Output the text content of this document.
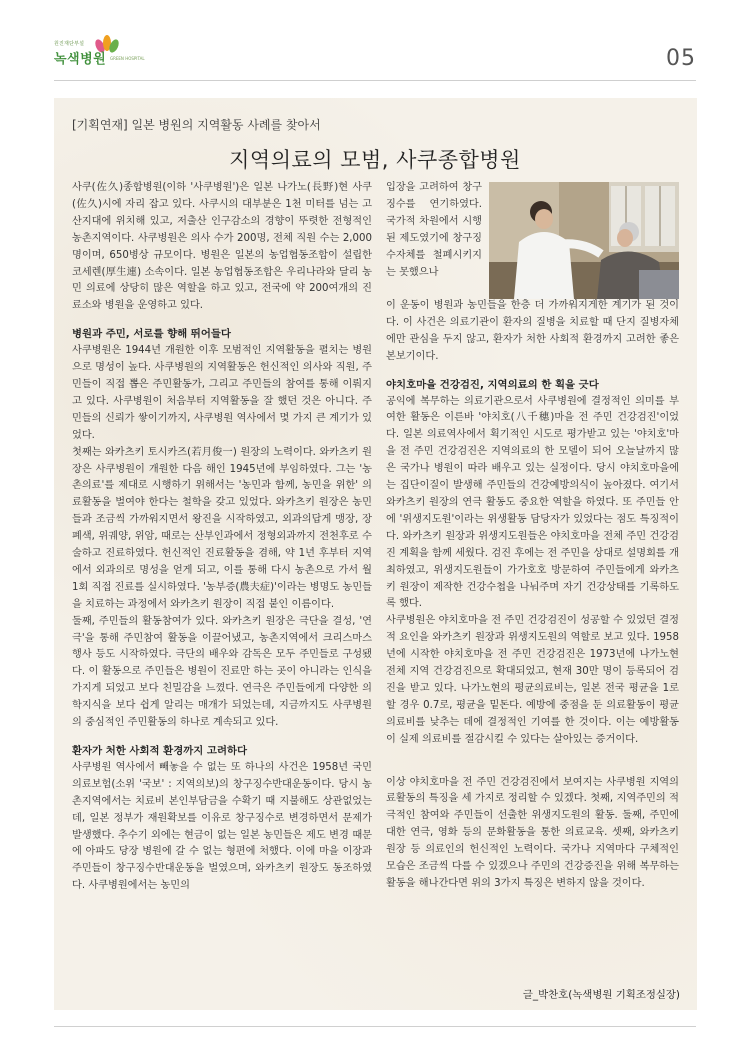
원진재단부설
녹색병원 GREEN HOSPITAL	05
[기획연재] 일본 병원의 지역활동 사례를 찾아서
지역의료의 모범, 사쿠종합병원

사쿠(佐久)종합병원(이하 '사쿠병원')은 일본 나가노(長野)현 사쿠(佐久)시에 자리 잡고 있다. 사쿠시의 대부분은 1천 미터를 넘는 고산지대에 위치해 있고, 저출산 인구감소의 경향이 뚜렷한 전형적인 농촌지역이다. 사쿠병원은 의사 수가 200명, 전체 직원 수는 2,000명이며, 650병상 규모이다. 병원은 일본의 농업협동조합이 설립한 코세렌(厚生連) 소속이다. 일본 농업협동조합은 우리나라와 달리 농민 의료에 상당히 많은 역할을 하고 있고, 전국에 약 200여개의 진료소와 병원을 운영하고 있다.

병원과 주민, 서로를 향해 뛰어들다

사쿠병원은 1944년 개원한 이후 모범적인 지역활동을 펼치는 병원으로 명성이 높다. 사쿠병원의 지역활동은 헌신적인 의사와 직원, 주민들이 직접 뽑은 주민활동가, 그리고 주민들의 참여를 통해 이뤄지고 있다. 사쿠병원이 처음부터 지역활동을 잘 했던 것은 아니다. 주민들의 신뢰가 쌓이기까지, 사쿠병원 역사에서 몇 가지 큰 계기가 있었다.

첫째는 와카츠키 토시카즈(若月俊一) 원장의 노력이다. 와카츠키 원장은 사쿠병원이 개원한 다음 해인 1945년에 부임하였다. 그는 '농촌의료'를 제대로 시행하기 위해서는 '농민과 함께, 농민을 위한' 의료활동을 벌여야 한다는 철학을 갖고 있었다. 와카츠키 원장은 농민들과 조금씩 가까워지면서 왕진을 시작하였고, 외과의답게 맹장, 장폐색, 위궤양, 위암, 때로는 산부인과에서 정형외과까지 전천후로 수술하고 진료하였다. 헌신적인 진료활동을 겸해, 약 1년 후부터 지역에서 외과의로 명성을 얻게 되고, 이를 통해 다시 농촌으로 가서 월 1회 직접 진료를 실시하였다. '농부증(農夫症)'이라는 병명도 농민들을 치료하는 과정에서 와카츠키 원장이 직접 붙인 이름이다.

둘째, 주민들의 활동참여가 있다. 와카츠키 원장은 극단을 결성, '연극'을 통해 주민참여 활동을 이끌어냈고, 농촌지역에서 크리스마스 행사 등도 시작하였다. 극단의 배우와 감독은 모두 주민들로 구성됐다. 이 활동으로 주민들은 병원이 진료만 하는 곳이 아니라는 인식을 가지게 되었고 보다 친밀감을 느꼈다. 연극은 주민들에게 다양한 의학지식을 보다 쉽게 알리는 매개가 되었는데, 지금까지도 사쿠병원의 중심적인 주민활동의 하나로 계속되고 있다.

환자가 처한 사회적 환경까지 고려하다

사쿠병원 역사에서 빼놓을 수 없는 또 하나의 사건은 1958년 국민의료보험(소위 '국보' : 지역의보)의 창구징수반대운동이다. 당시 농촌지역에서는 치료비 본인부담금을 수확기 때 지불해도 상관없었는데, 일본 정부가 재원확보를 이유로 창구징수로 변경하면서 문제가 발생했다. 추수기 외에는 현금이 없는 일본 농민들은 제도 변경 때문에 아파도 당장 병원에 갈 수 없는 형편에 처했다. 이에 마을 이장과 주민들이 창구징수반대운동을 벌였으며, 와카츠키 원장도 동조하였다. 사쿠병원에서는 농민의

입장을 고려하여 창구징수를 연기하였다. 국가적 차원에서 시행된 제도였기에 창구징수자체를 철폐시키지는 못했으나

이 운동이 병원과 농민들을 한층 더 가까워지게한 계기가 된 것이다. 이 사건은 의료기관이 환자의 질병을 치료할 때 단지 질병자체에만 관심을 두지 않고, 환자가 처한 사회적 환경까지 고려한 좋은 본보기이다.

야치호마을 건강검진, 지역의료의 한 획을 긋다

공익에 복무하는 의료기관으로서 사쿠병원에 결정적인 의미를 부여한 활동은 이른바 '야치호(八千穗)마을 전 주민 건강검진'이었다. 일본 의료역사에서 획기적인 시도로 평가받고 있는 '야치호'마을 전 주민 건강검진은 지역의료의 한 모델이 되어 오늘날까지 많은 국가나 병원이 따라 배우고 있는 실정이다. 당시 야치호마을에는 집단이질이 발생해 주민들의 건강예방의식이 높아졌다. 여기서 와카츠키 원장의 연극 활동도 중요한 역할을 하였다. 또 주민들 안에 '위생지도원'이라는 위생활동 담당자가 있었다는 점도 특징적이다. 와카츠키 원장과 위생지도원들은 야치호마을 전체 주민 건강검진 계획을 함께 세웠다. 검진 후에는 전 주민을 상대로 설명회를 개최하였고, 위생지도원들이 가가호호 방문하여 주민들에게 와카츠키 원장이 제작한 건강수첩을 나눠주며 자기 건강상태를 기록하도록 했다.

사쿠병원은 야치호마을 전 주민 건강검진이 성공할 수 있었던 결정적 요인을 와카츠키 원장과 위생지도원의 역할로 보고 있다. 1958년에 시작한 야치호마을 전 주민 건강검진은 1973년에 나가노현 전체 지역 건강검진으로 확대되었고, 현재 30만 명이 등록되어 검진을 받고 있다. 나가노현의 평균의료비는, 일본 전국 평균을 1로 할 경우 0.7로, 평균을 밑돈다. 예방에 중점을 둔 의료활동이 평균의료비를 낮추는 데에 결정적인 기여를 한 것이다. 이는 예방활동이 실제 의료비를 절감시킬 수 있다는 살아있는 증거이다.

이상 야치호마을 전 주민 건강검진에서 보여지는 사쿠병원 지역의료활동의 특징을 세 가지로 정리할 수 있겠다. 첫째, 지역주민의 적극적인 참여와 주민들이 선출한 위생지도원의 활동. 둘째, 주민에 대한 연극, 영화 등의 문화활동을 통한 의료교육. 셋째, 와카츠키 원장 등 의료인의 헌신적인 노력이다. 국가나 지역마다 구체적인 모습은 조금씩 다를 수 있겠으나 주민의 건강증진을 위해 복무하는 활동을 해나간다면 위의 3가지 특징은 변하지 않을 것이다.

글_박찬호(녹색병원 기획조정실장)
